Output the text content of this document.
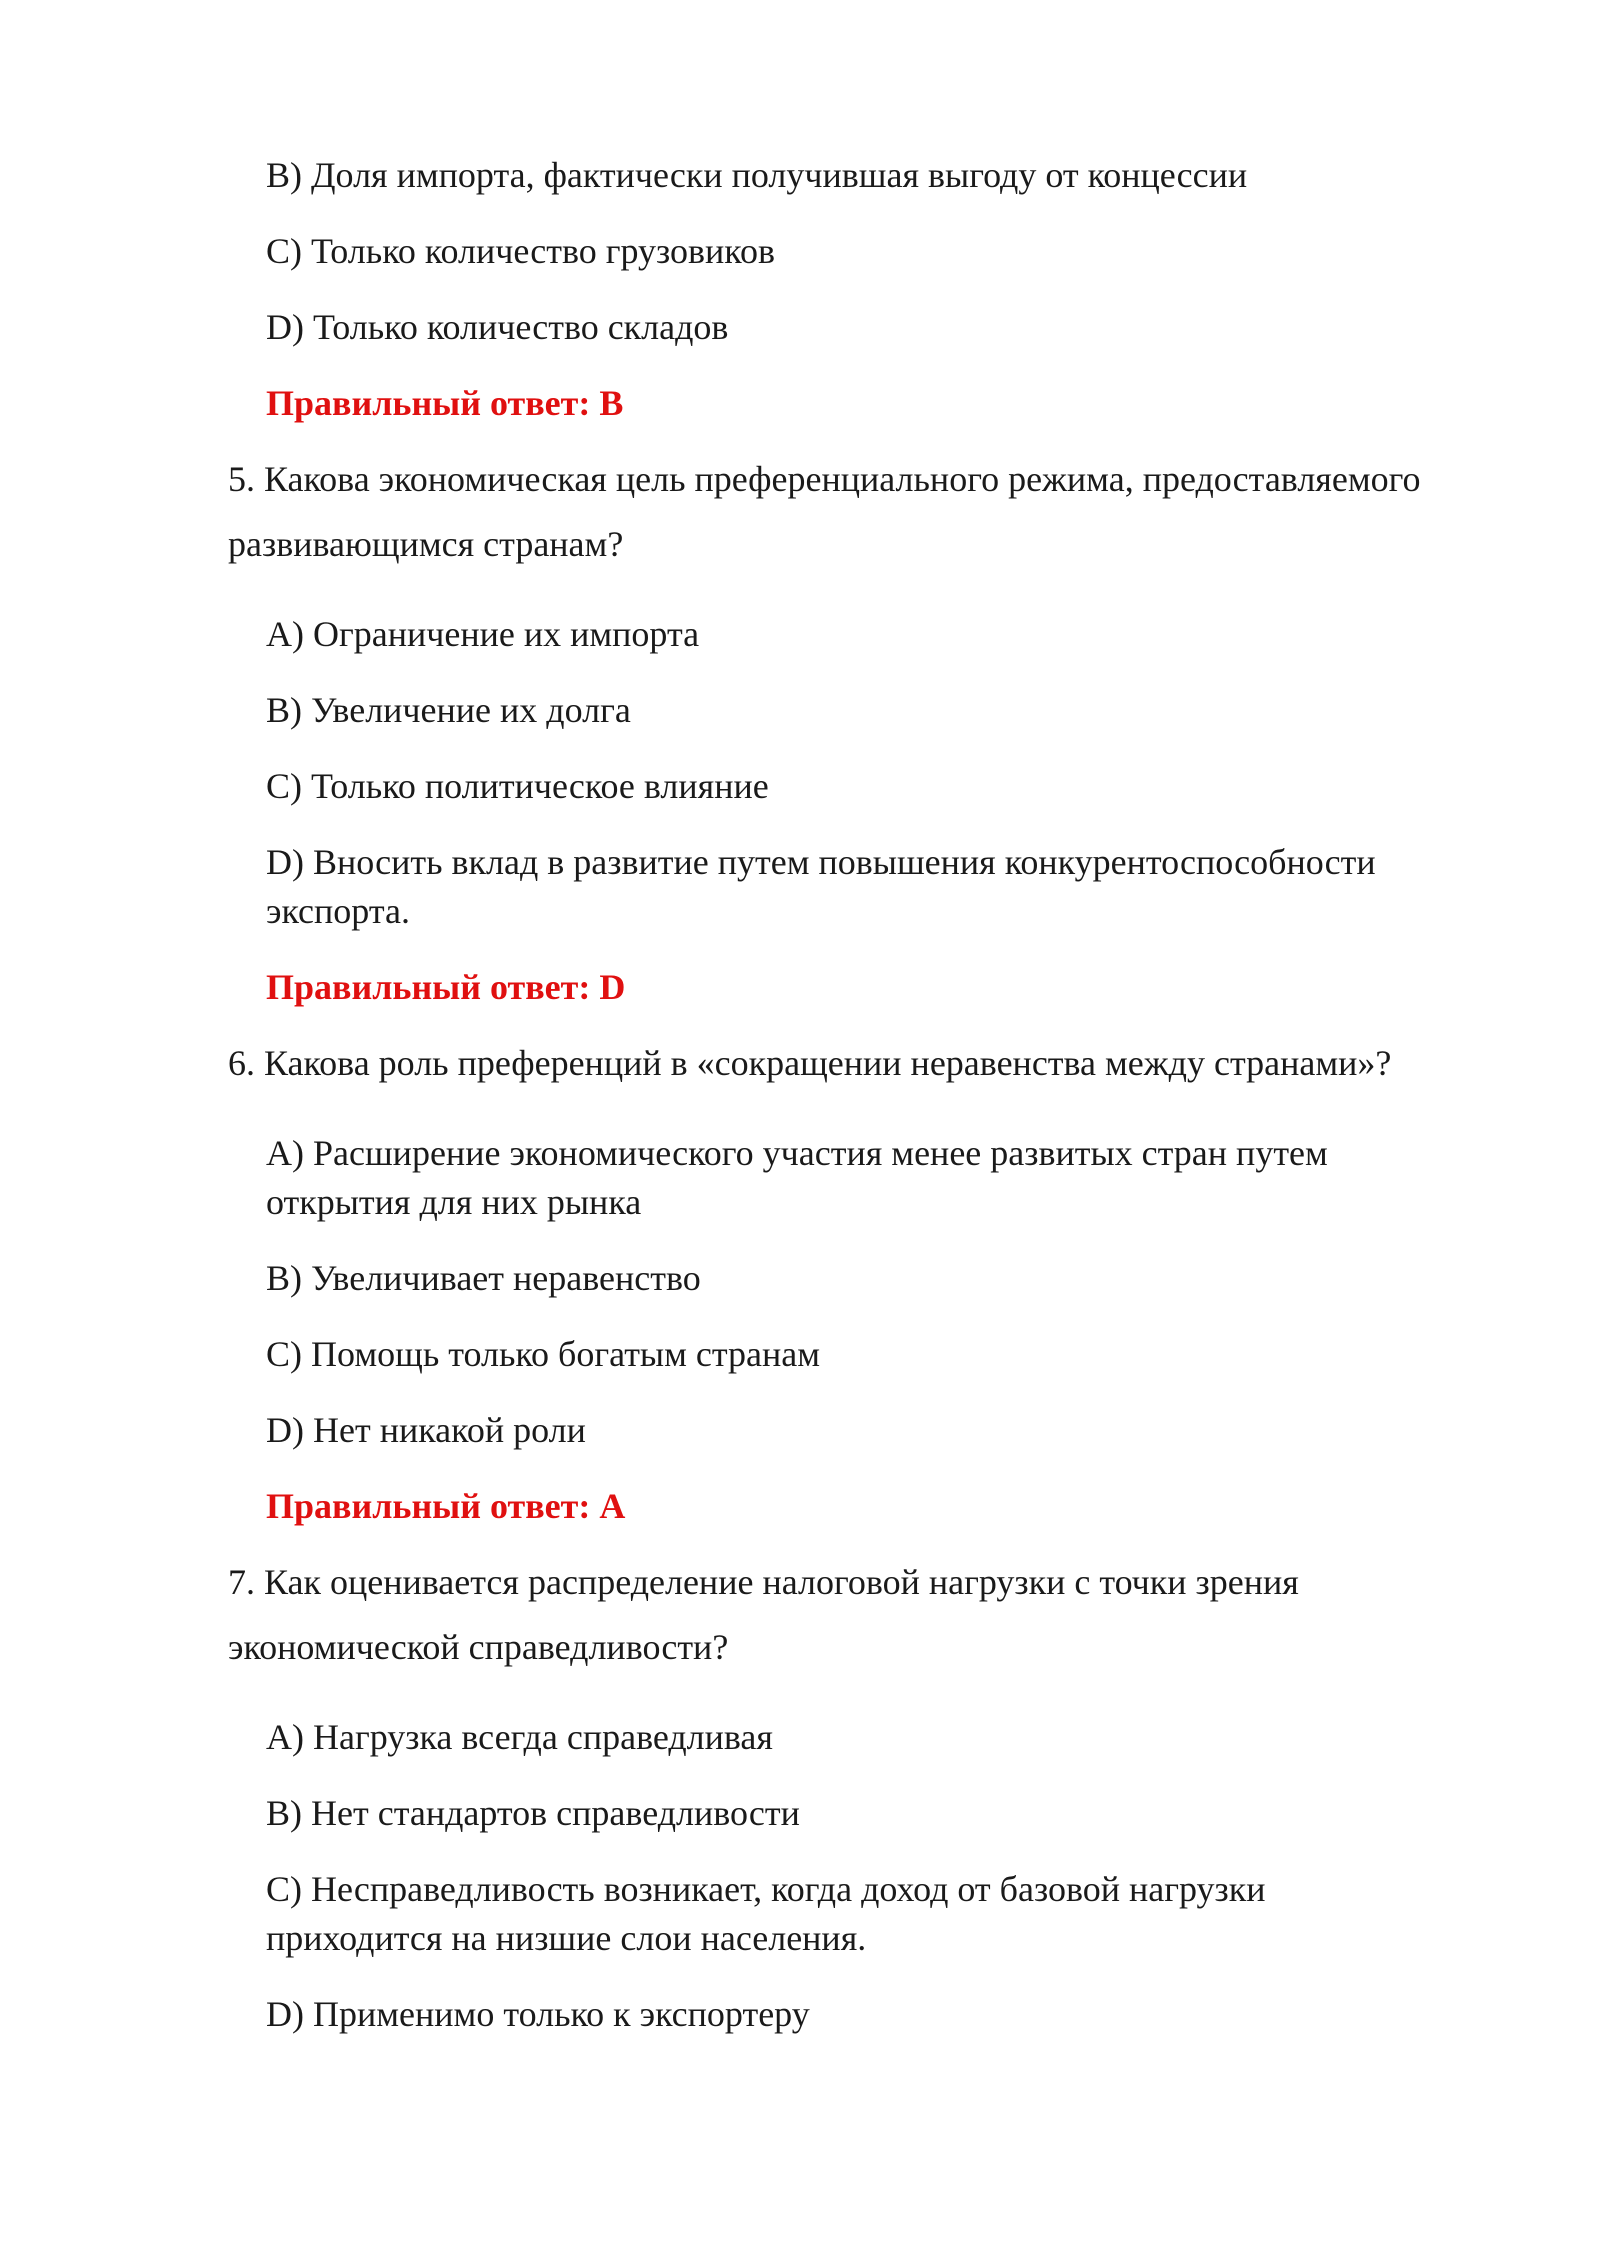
B) Доля импорта, фактически получившая выгоду от концессии
C) Только количество грузовиков
D) Только количество складов
Правильный ответ: B
5. Какова экономическая цель преференциального режима, предоставляемого
развивающимся странам?
A) Ограничение их импорта
B) Увеличение их долга
C) Только политическое влияние
D) Вносить вклад в развитие путем повышения конкурентоспособности
экспорта.
Правильный ответ: D
6. Какова роль преференций в «сокращении неравенства между странами»?
A) Расширение экономического участия менее развитых стран путем
открытия для них рынка
B) Увеличивает неравенство
C) Помощь только богатым странам
D) Нет никакой роли
Правильный ответ: A
7. Как оценивается распределение налоговой нагрузки с точки зрения
экономической справедливости?
A) Нагрузка всегда справедливая
B) Нет стандартов справедливости
C) Несправедливость возникает, когда доход от базовой нагрузки
приходится на низшие слои населения.
D) Применимо только к экспортеру
